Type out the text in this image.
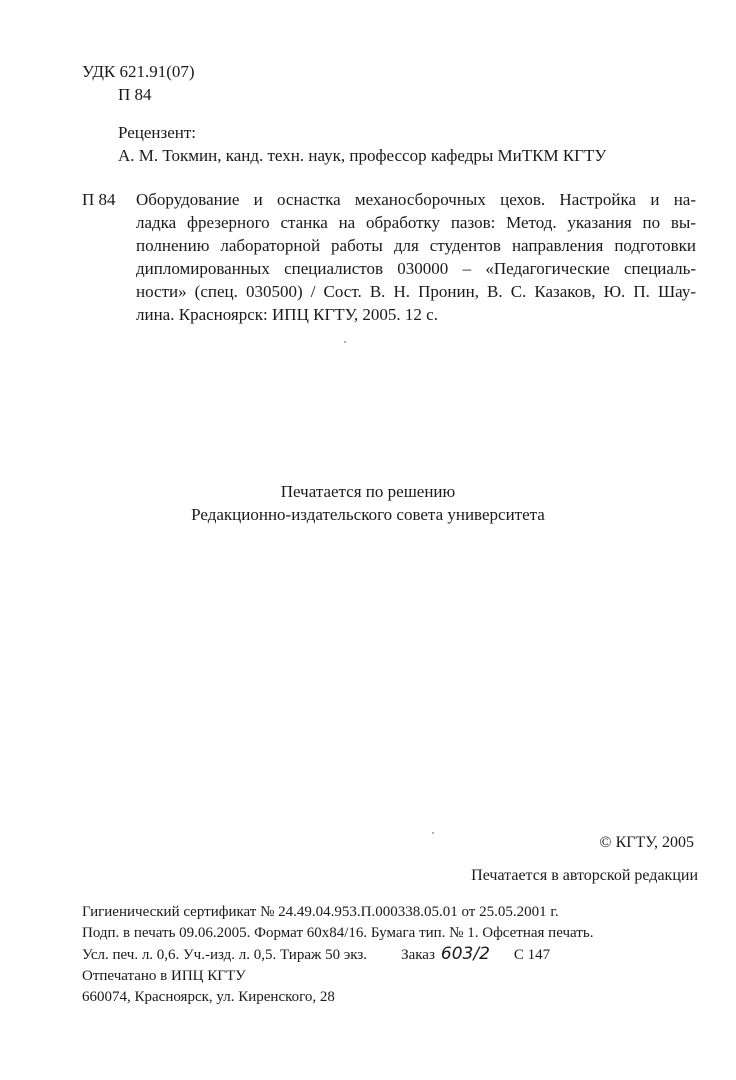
УДК 621.91(07)
П 84
Рецензент:
А. М. Токмин, канд. техн. наук, профессор кафедры МиТКМ КГТУ
П 84 Оборудование и оснастка механосборочных цехов. Настройка и на-
ладка фрезерного станка на обработку пазов: Метод. указания по вы-
полнению лабораторной работы для студентов направления подготовки
дипломированных специалистов 030000 – «Педагогические специаль-
ности» (спец. 030500) / Сост. В. Н. Пронин, В. С. Казаков, Ю. П. Шау-
лина. Красноярск: ИПЦ КГТУ, 2005. 12 с.
Печатается по решению
Редакционно-издательского совета университета
© КГТУ, 2005
Печатается в авторской редакции
Гигиенический сертификат № 24.49.04.953.П.000338.05.01 от 25.05.2001 г.
Подп. в печать 09.06.2005. Формат 60x84/16. Бумага тип. № 1. Офсетная печать.
Усл. печ. л. 0,6. Уч.-изд. л. 0,5. Тираж 50 экз. Заказ 603/2 С 147
Отпечатано в ИПЦ КГТУ
660074, Красноярск, ул. Киренского, 28
